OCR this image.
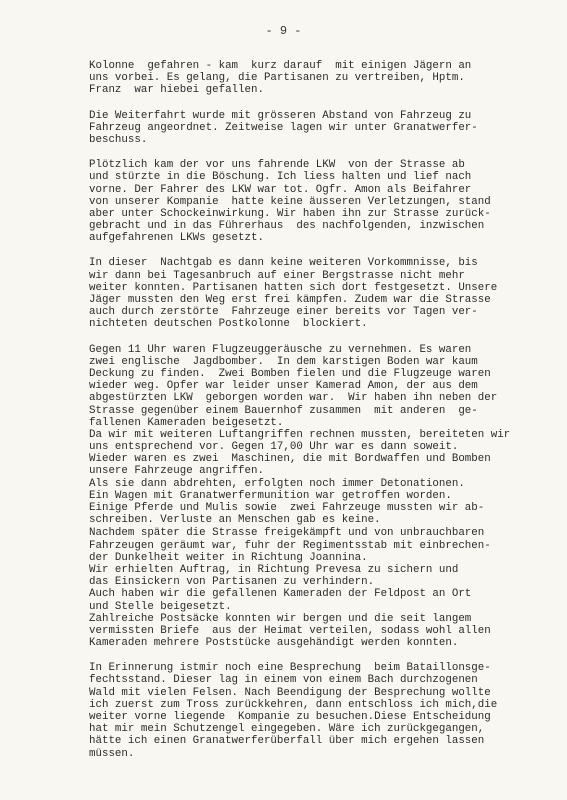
- 9 -
Kolonne  gefahren - kam  kurz darauf  mit einigen Jägern an
uns vorbei. Es gelang, die Partisanen zu vertreiben, Hptm.
Franz  war hiebei gefallen.
Die Weiterfahrt wurde mit grösseren Abstand von Fahrzeug zu
Fahrzeug angeordnet. Zeitweise lagen wir unter Granatwerfer-
beschuss.
Plötzlich kam der vor uns fahrende LKW  von der Strasse ab
und stürzte in die Böschung. Ich liess halten und lief nach
vorne. Der Fahrer des LKW war tot. Ogfr. Amon als Beifahrer
von unserer Kompanie  hatte keine äusseren Verletzungen, stand
aber unter Schockeinwirkung. Wir haben ihn zur Strasse zurück-
gebracht und in das Führerhaus  des nachfolgenden, inzwischen
aufgefahrenen LKWs gesetzt.
In dieser  Nachtgab es dann keine weiteren Vorkommnisse, bis
wir dann bei Tagesanbruch auf einer Bergstrasse nicht mehr
weiter konnten. Partisanen hatten sich dort festgesetzt. Unsere
Jäger mussten den Weg erst frei kämpfen. Zudem war die Strasse
auch durch zerstörte  Fahrzeuge einer bereits vor Tagen ver-
nichteten deutschen Postkolonne  blockiert.
Gegen 11 Uhr waren Flugzeuggeräusche zu vernehmen. Es waren
zwei englische  Jagdbomber.  In dem karstigen Boden war kaum
Deckung zu finden.  Zwei Bomben fielen und die Flugzeuge waren
wieder weg. Opfer war leider unser Kamerad Amon, der aus dem
abgestürzten LKW  geborgen worden war.  Wir haben ihn neben der
Strasse gegenüber einem Bauernhof zusammen  mit anderen  ge-
fallenen Kameraden beigesetzt.
Da wir mit weiteren Luftangriffen rechnen mussten, bereiteten wir
uns entsprechend vor. Gegen 17,00 Uhr war es dann soweit.
Wieder waren es zwei  Maschinen, die mit Bordwaffen und Bomben
unsere Fahrzeuge angriffen.
Als sie dann abdrehten, erfolgten noch immer Detonationen.
Ein Wagen mit Granatwerfermunition war getroffen worden.
Einige Pferde und Mulis sowie  zwei Fahrzeuge mussten wir ab-
schreiben. Verluste an Menschen gab es keine.
Nachdem später die Strasse freigekämpft und von unbrauchbaren
Fahrzeugen geräumt war, fuhr der Regimentsstab mit einbrechen-
der Dunkelheit weiter in Richtung Joannina.
Wir erhielten Auftrag, in Richtung Prevesa zu sichern und
das Einsickern von Partisanen zu verhindern.
Auch haben wir die gefallenen Kameraden der Feldpost an Ort
und Stelle beigesetzt.
Zahlreiche Postsäcke konnten wir bergen und die seit langem
vermissten Briefe  aus der Heimat verteilen, sodass wohl allen
Kameraden mehrere Poststücke ausgehändigt werden konnten.
In Erinnerung istmir noch eine Besprechung  beim Bataillonsge-
fechtsstand. Dieser lag in einem von einem Bach durchzogenen
Wald mit vielen Felsen. Nach Beendigung der Besprechung wollte
ich zuerst zum Tross zurückkehren, dann entschloss ich mich,die
weiter vorne liegende  Kompanie zu besuchen.Diese Entscheidung
hat mir mein Schutzengel eingegeben. Wäre ich zurückgegangen,
hätte ich einen Granatwerferüberfall über mich ergehen lassen
müssen.
